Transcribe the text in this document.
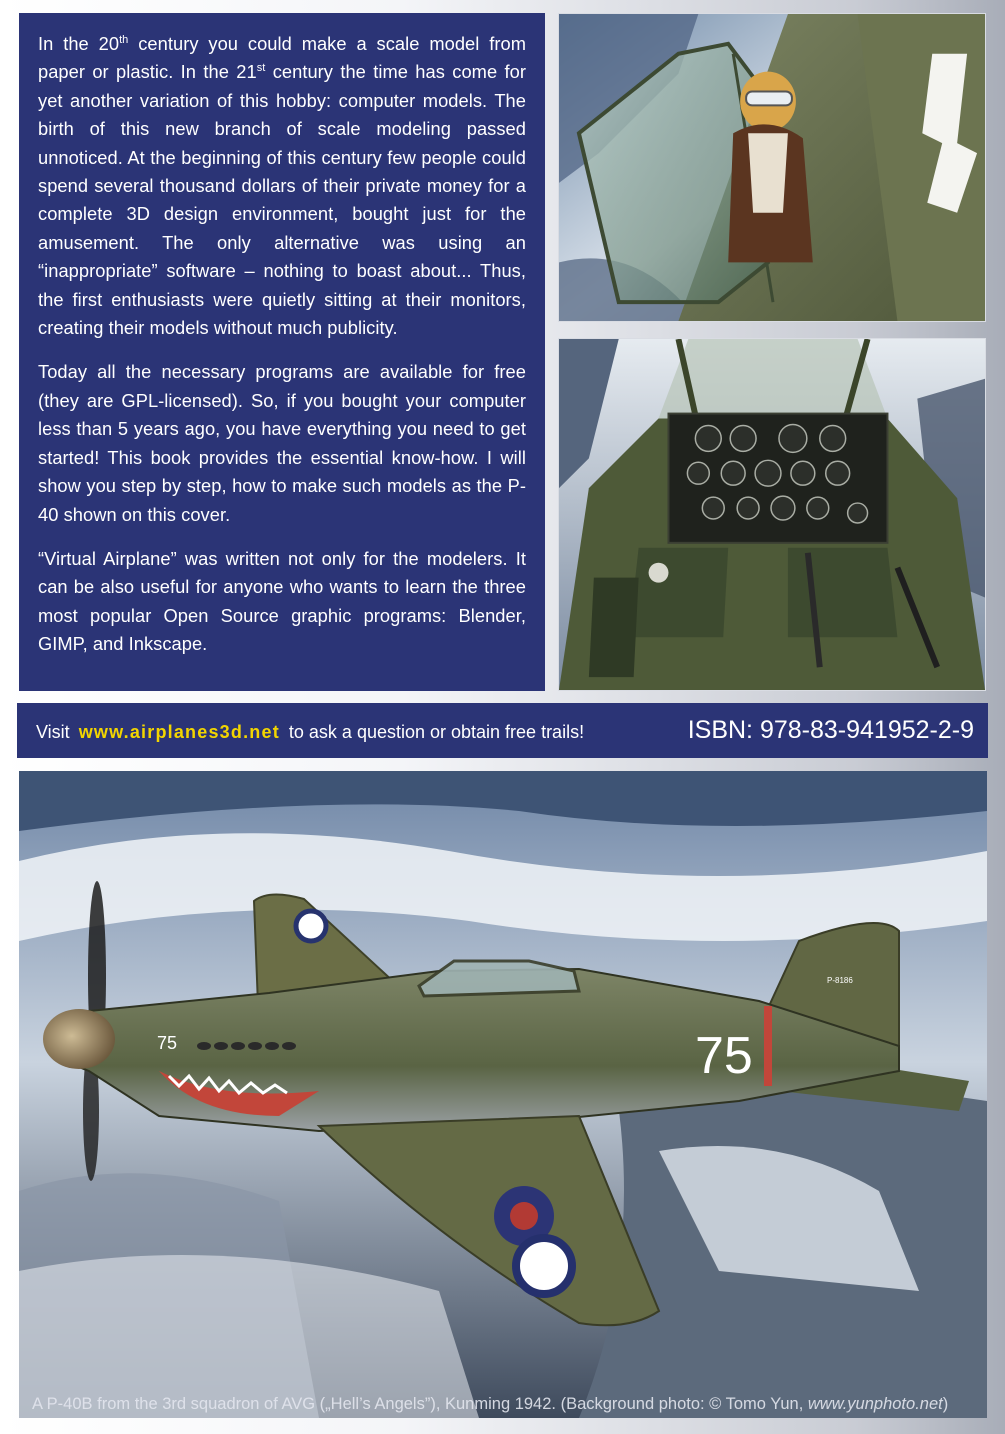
In the 20th century you could make a scale model from paper or plastic. In the 21st century the time has come for yet another variation of this hobby: computer models. The birth of this new branch of scale modeling passed unnoticed. At the beginning of this century few people could spend several thousand dollars of their private money for a complete 3D design environment, bought just for the amusement. The only alternative was using an “inappropriate” software – nothing to boast about... Thus, the first enthusiasts were quietly sitting at their monitors, creating their models without much publicity.

Today all the necessary programs are available for free (they are GPL-licensed). So, if you bought your computer less than 5 years ago, you have everything you need to get started! This book provides the essential know-how. I will show you step by step, how to make such models as the P-40 shown on this cover.

“Virtual Airplane” was written not only for the modelers. It can be also useful for anyone who wants to learn the three most popular Open Source graphic programs: Blender, GIMP, and Inkscape.

Visit www.airplanes3d.net to ask a question or obtain free trails!	ISBN: 978-83-941952-2-9
75	75
P-8186
A P-40B from the 3rd squadron of AVG („Hell’s Angels”), Kunming 1942. (Background photo: © Tomo Yun, www.yunphoto.net)
